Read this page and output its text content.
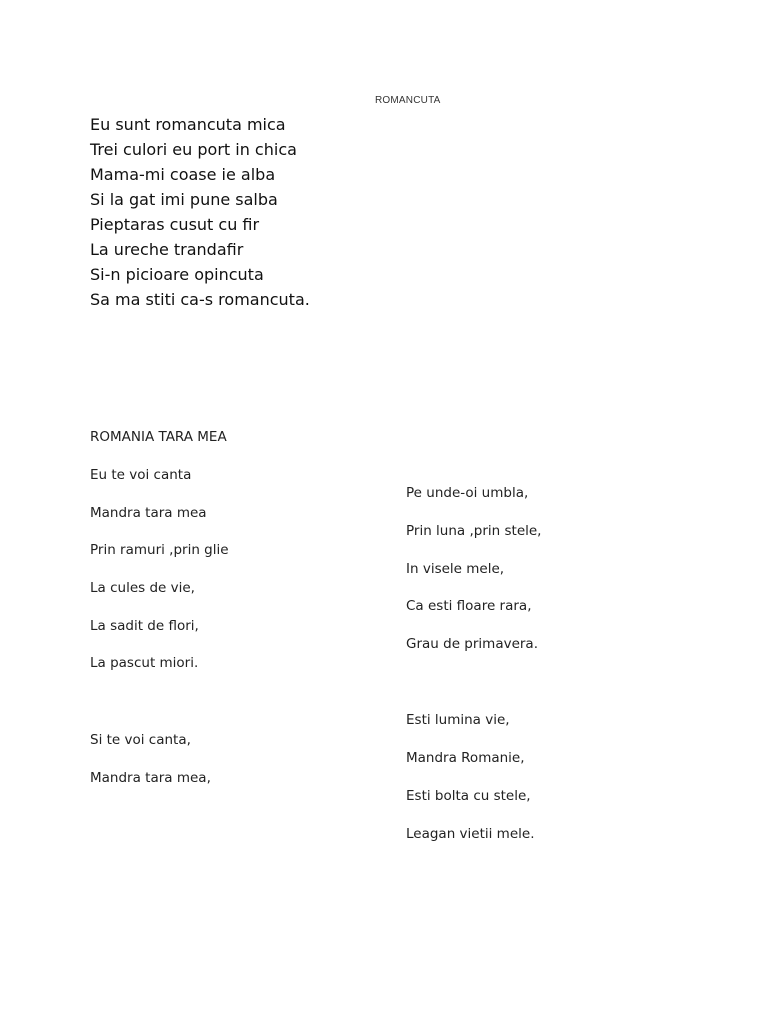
ROMANCUTA
Eu sunt romancuta mica
Trei culori eu port in chica
Mama-mi coase ie alba
Si la gat imi pune salba
Pieptaras cusut cu fir
La ureche trandafir
Si-n picioare opincuta
Sa ma stiti ca-s romancuta.
ROMANIA TARA MEA
Eu te voi canta
Mandra tara mea
Prin ramuri ,prin glie
La cules de vie,
La sadit de flori,
La pascut miori.
Si te voi canta,
Mandra tara mea,
Pe unde-oi umbla,
Prin luna ,prin stele,
In visele mele,
Ca esti floare rara,
Grau de primavera.
Esti lumina vie,
Mandra Romanie,
Esti bolta cu stele,
Leagan vietii mele.
